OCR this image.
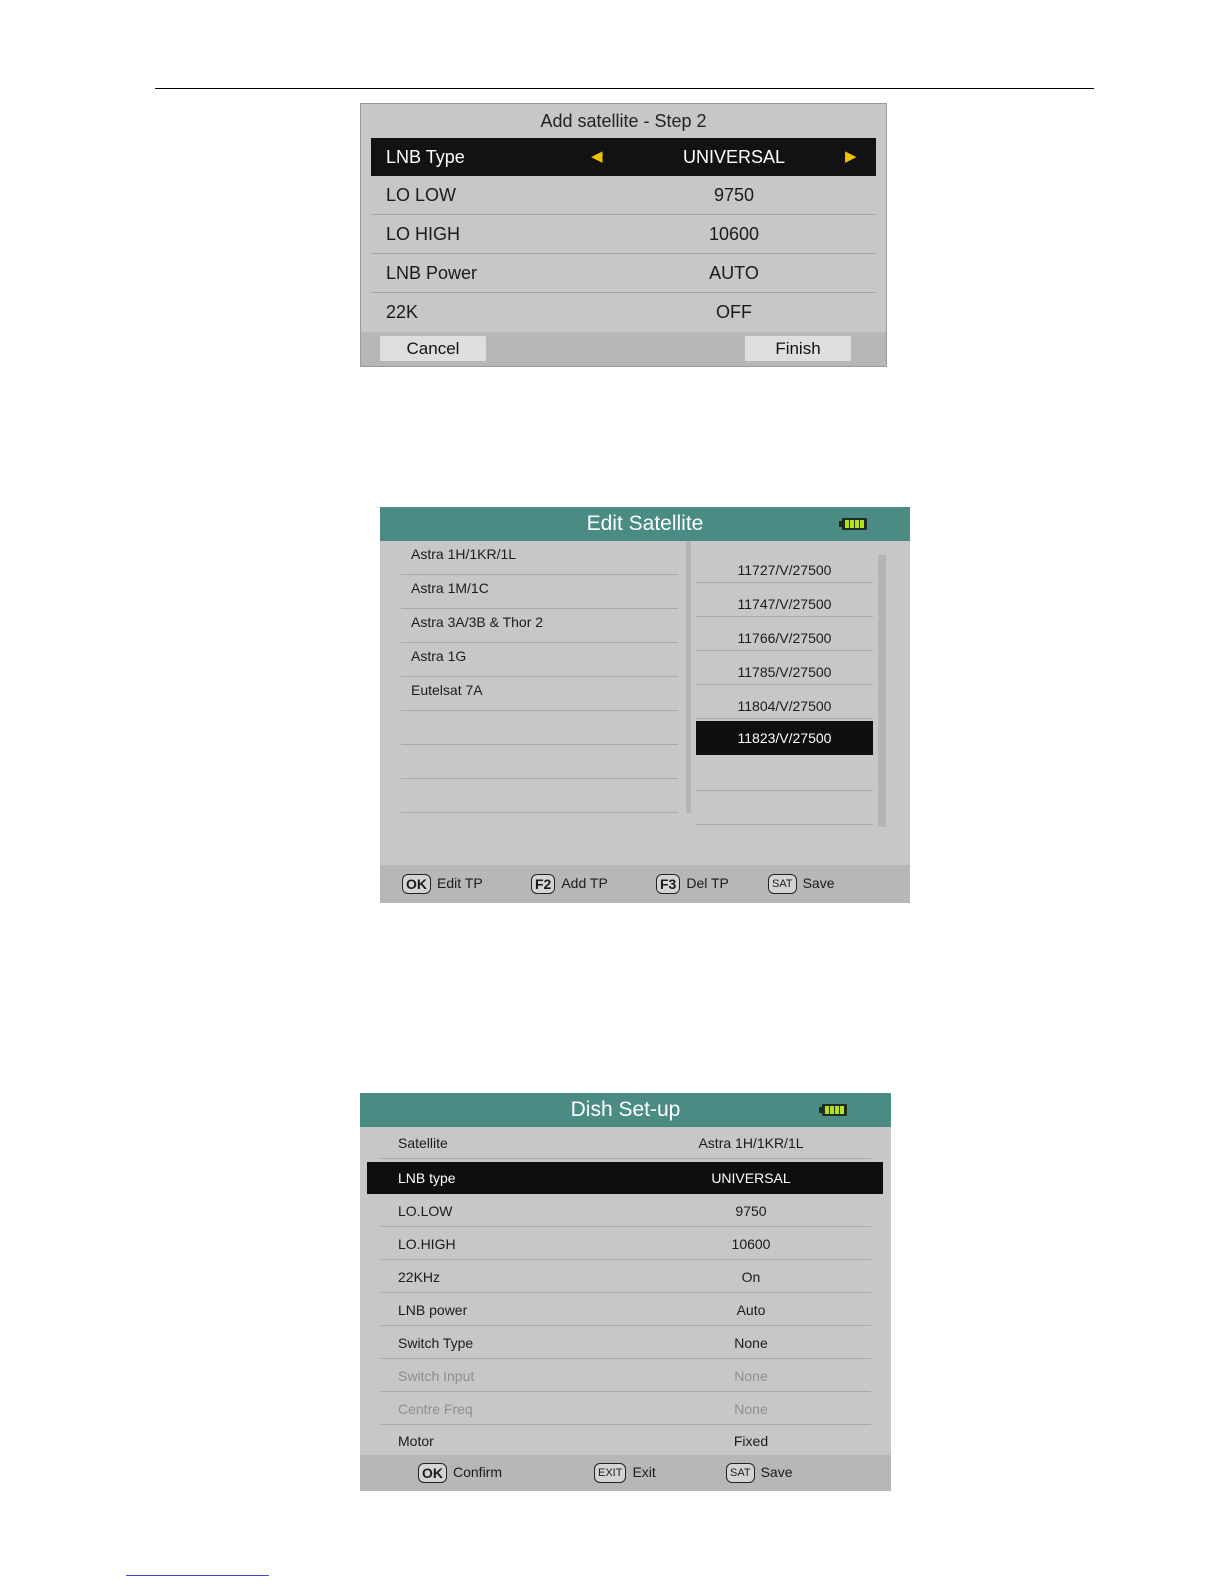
Add satellite - Step 2
LNB Type	◀	UNIVERSAL	▶
LO LOW	9750
LO HIGH	10600
LNB Power	AUTO
22K	OFF
Cancel	Finish
Edit Satellite
Astra 1H/1KR/1L
Astra 1M/1C
Astra 3A/3B & Thor 2
Astra 1G
Eutelsat 7A
11727/V/27500
11747/V/27500
11766/V/27500
11785/V/27500
11804/V/27500
11823/V/27500
OK Edit TP	F2 Add TP	F3 Del TP	SAT Save
Dish Set-up
Satellite	Astra 1H/1KR/1L
LNB type	UNIVERSAL
LO.LOW	9750
LO.HIGH	10600
22KHz	On
LNB power	Auto
Switch Type	None
Switch Input	None
Centre Freq	None
Motor	Fixed
OK Confirm	EXIT Exit	SAT Save
